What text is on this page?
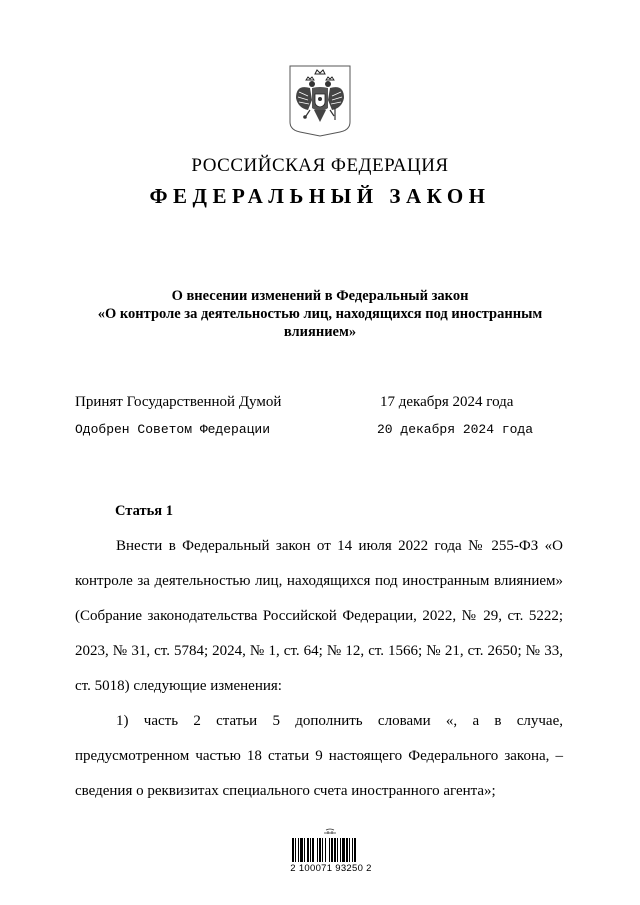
РОССИЙСКАЯ ФЕДЕРАЦИЯ
ФЕДЕРАЛЬНЫЙ ЗАКОН
О внесении изменений в Федеральный закон
«О контроле за деятельностью лиц, находящихся под иностранным
влиянием»
Принят Государственной Думой	17 декабря 2024 года
Одобрен Советом Федерации	20 декабря 2024 года
Статья 1
Внести в Федеральный закон от 14 июля 2022 года № 255-ФЗ «О контроле за деятельностью лиц, находящихся под иностранным влиянием» (Собрание законодательства Российской Федерации, 2022, № 29, ст. 5222; 2023, № 31, ст. 5784; 2024, № 1, ст. 64; № 12, ст. 1566; № 21, ст. 2650; № 33, ст. 5018) следующие изменения:
1) часть 2 статьи 5 дополнить словами «, а в случае, предусмотренном частью 18 статьи 9 настоящего Федерального закона, – сведения о реквизитах специального счета иностранного агента»;
2 100071 93250 2
